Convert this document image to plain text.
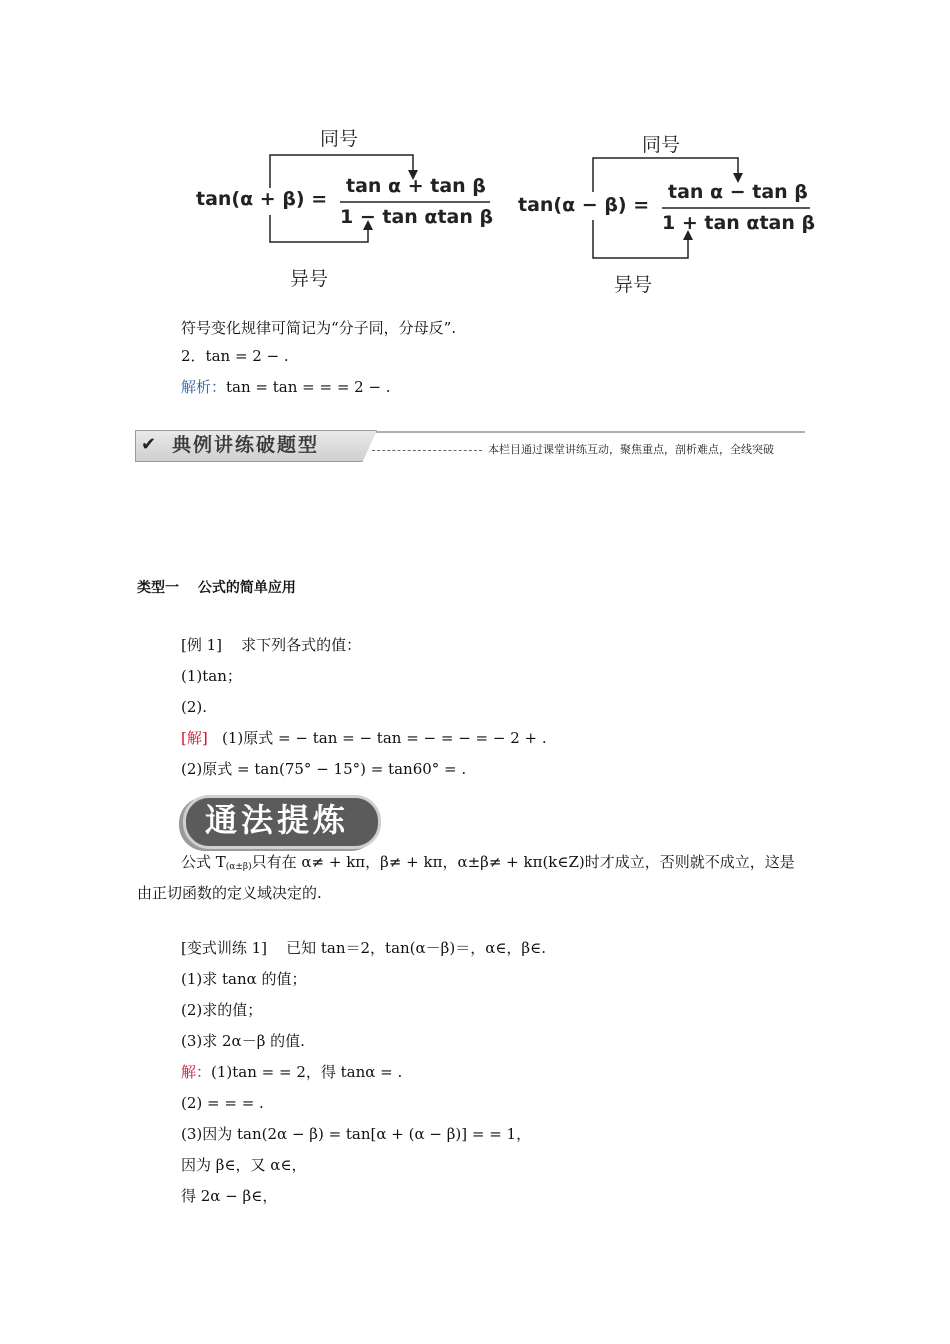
同号
异号
tan(α + β) =
tan α + tan β
1 − tan αtan β
同号
异号
tan(α − β) =
tan α − tan β
1 + tan αtan β
符号变化规律可简记为“分子同，分母反”.
2．tan = 2 − .
解析：tan = tan = = = 2 − .
✔ 典例讲练破题型	本栏目通过课堂讲练互动，聚焦重点，剖析难点，全线突破
类型一　 公式的简单应用
[例 1] 求下列各式的值：
(1)tan；
(2).
[解] (1)原式 = − tan = − tan = − = − = − 2 + .
(2)原式 = tan(75° − 15°) = tan60° = .
通法提炼
公式 $T_{(\alpha\pm\beta)}$只有在 α≠ + kπ，β≠ + kπ，α±β≠ + kπ(k∈Z)时才成立，否则就不成立，这是
由正切函数的定义域决定的.
[变式训练 1] 已知 tan＝2，tan(α－β)＝，α∈，β∈.
(1)求 tanα 的值；
(2)求的值；
(3)求 2α－β 的值.
解：(1)tan = = 2，得 tanα = .
(2) = = = .
(3)因为 tan(2α − β) = tan[α + (α − β)] = = 1，
因为 β∈，又 α∈，
得 2α − β∈，
